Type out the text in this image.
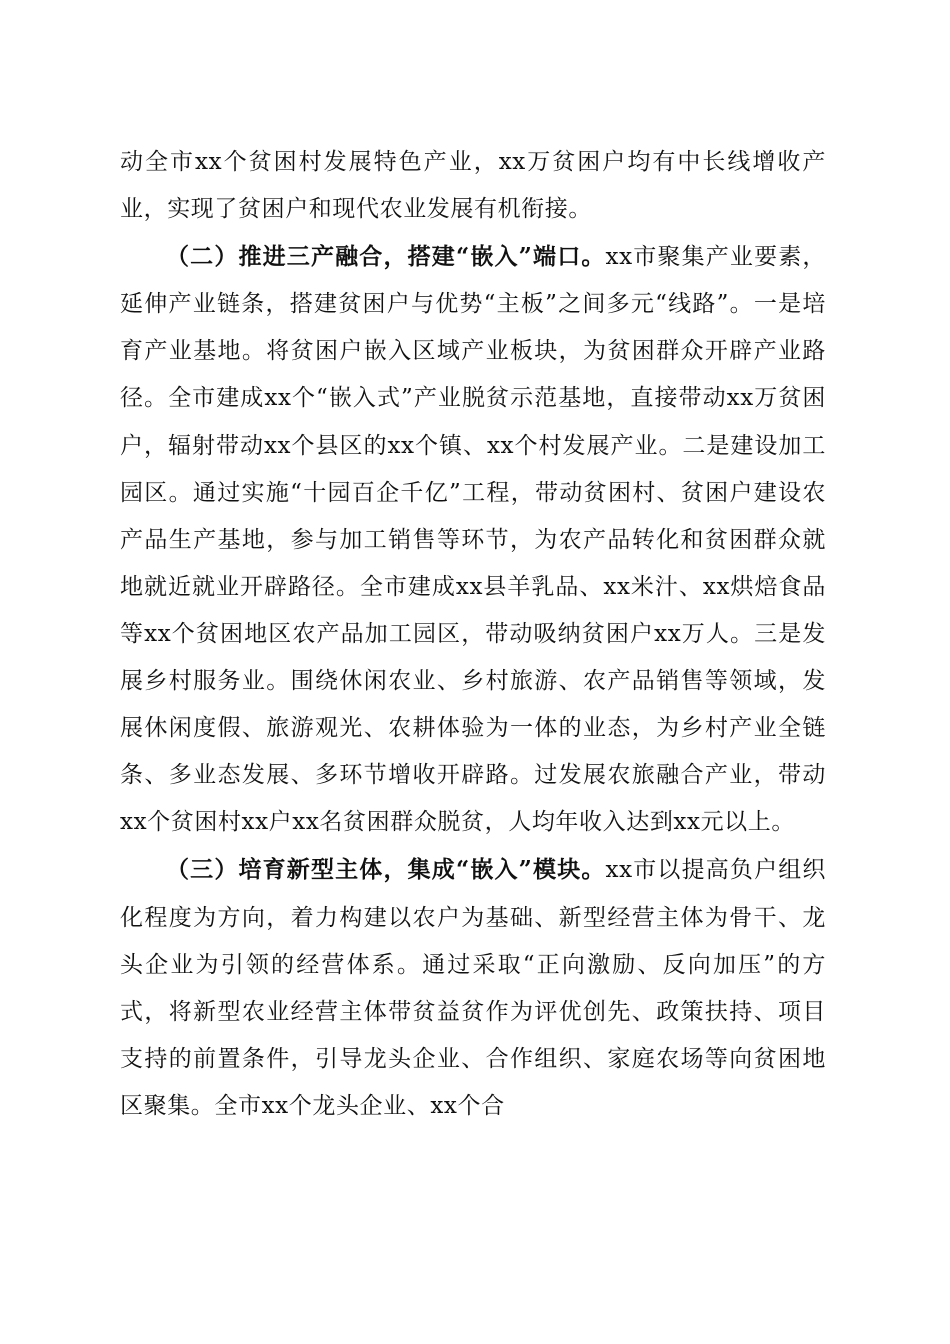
动全市xx个贫困村发展特色产业，xx万贫困户均有中长线增收产业，实现了贫困户和现代农业发展有机衔接。

（二）推进三产融合，搭建“嵌入”端口。xx市聚集产业要素，延伸产业链条，搭建贫困户与优势“主板”之间多元“线路”。一是培育产业基地。将贫困户嵌入区域产业板块，为贫困群众开辟产业路径。全市建成xx个“嵌入式”产业脱贫示范基地，直接带动xx万贫困户，辐射带动xx个县区的xx个镇、xx个村发展产业。二是建设加工园区。通过实施“十园百企千亿”工程，带动贫困村、贫困户建设农产品生产基地，参与加工销售等环节，为农产品转化和贫困群众就地就近就业开辟路径。全市建成xx县羊乳品、xx米汁、xx烘焙食品等xx个贫困地区农产品加工园区，带动吸纳贫困户xx万人。三是发展乡村服务业。围绕休闲农业、乡村旅游、农产品销售等领域，发展休闲度假、旅游观光、农耕体验为一体的业态，为乡村产业全链条、多业态发展、多环节增收开辟路。过发展农旅融合产业，带动xx个贫困村xx户xx名贫困群众脱贫，人均年收入达到xx元以上。

（三）培育新型主体，集成“嵌入”模块。xx市以提高负户组织化程度为方向，着力构建以农户为基础、新型经营主体为骨干、龙头企业为引领的经营体系。通过采取“正向激励、反向加压”的方式，将新型农业经营主体带贫益贫作为评优创先、政策扶持、项目支持的前置条件，引导龙头企业、合作组织、家庭农场等向贫困地区聚集。全市xx个龙头企业、xx个合
